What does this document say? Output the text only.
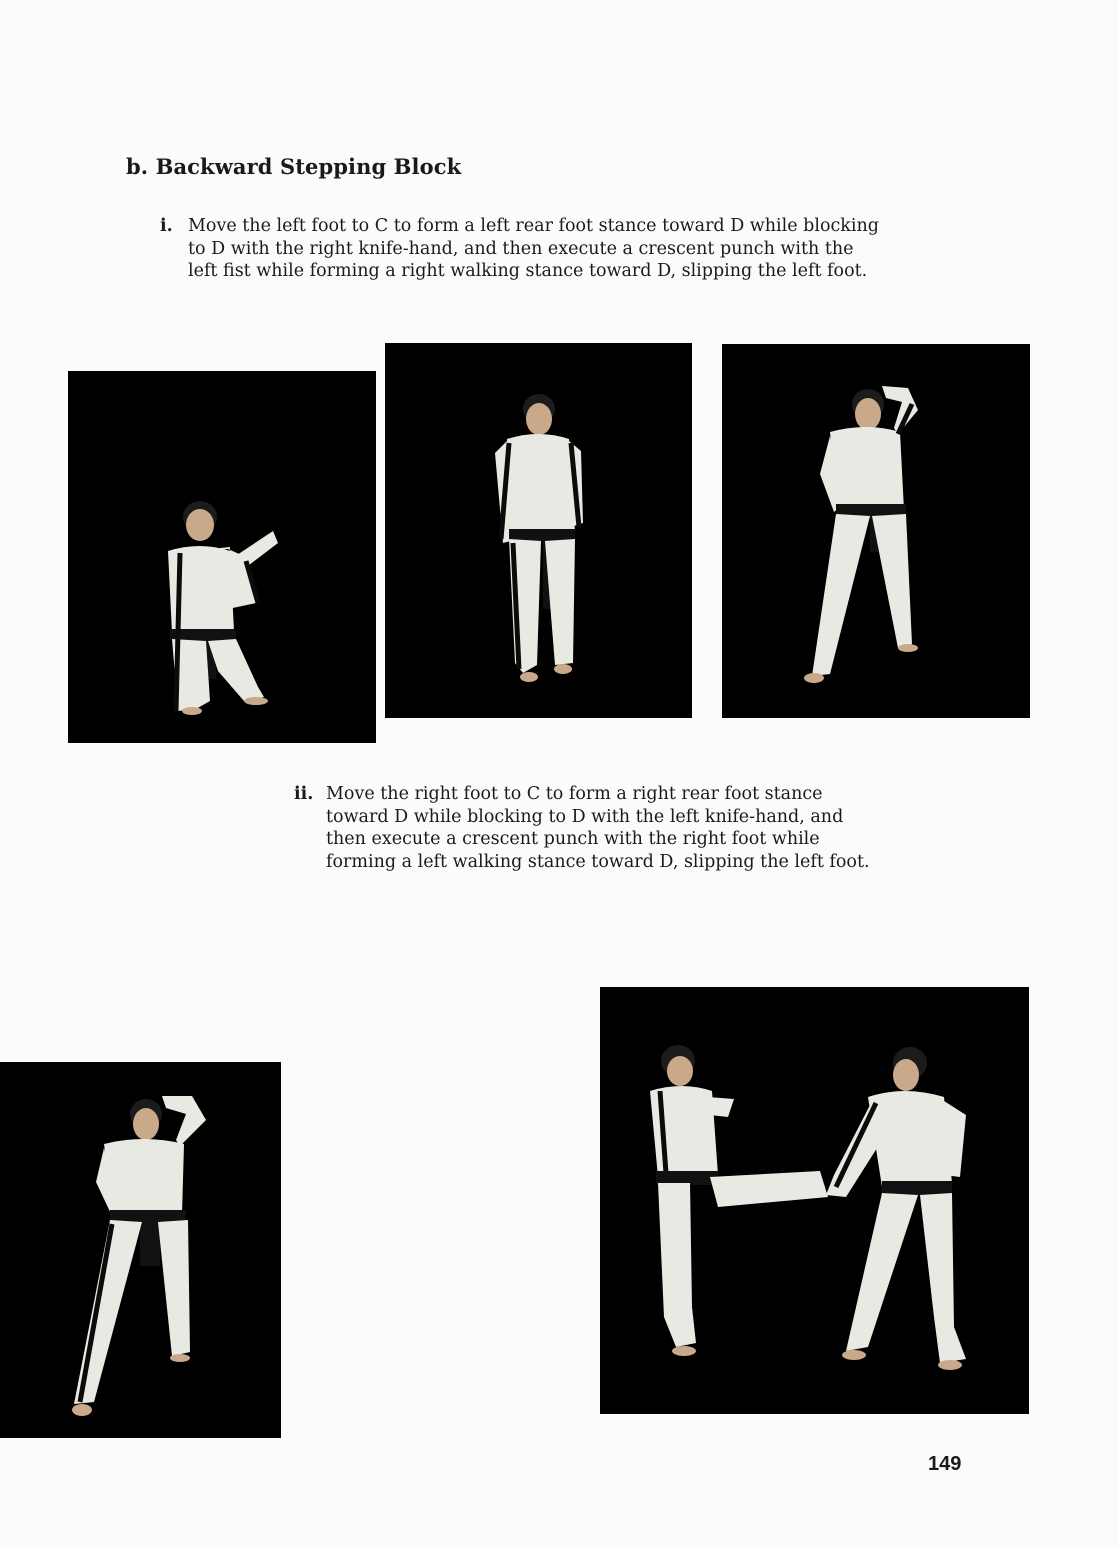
b. Backward Stepping Block

i. Move the left foot to C to form a left rear foot stance toward D while blocking to D with the right knife-hand, and then execute a crescent punch with the left fist while forming a right walking stance toward D, slipping the left foot.

ii. Move the right foot to C to form a right rear foot stance toward D while blocking to D with the left knife-hand, and then execute a crescent punch with the right foot while forming a left walking stance toward D, slipping the left foot.

149
